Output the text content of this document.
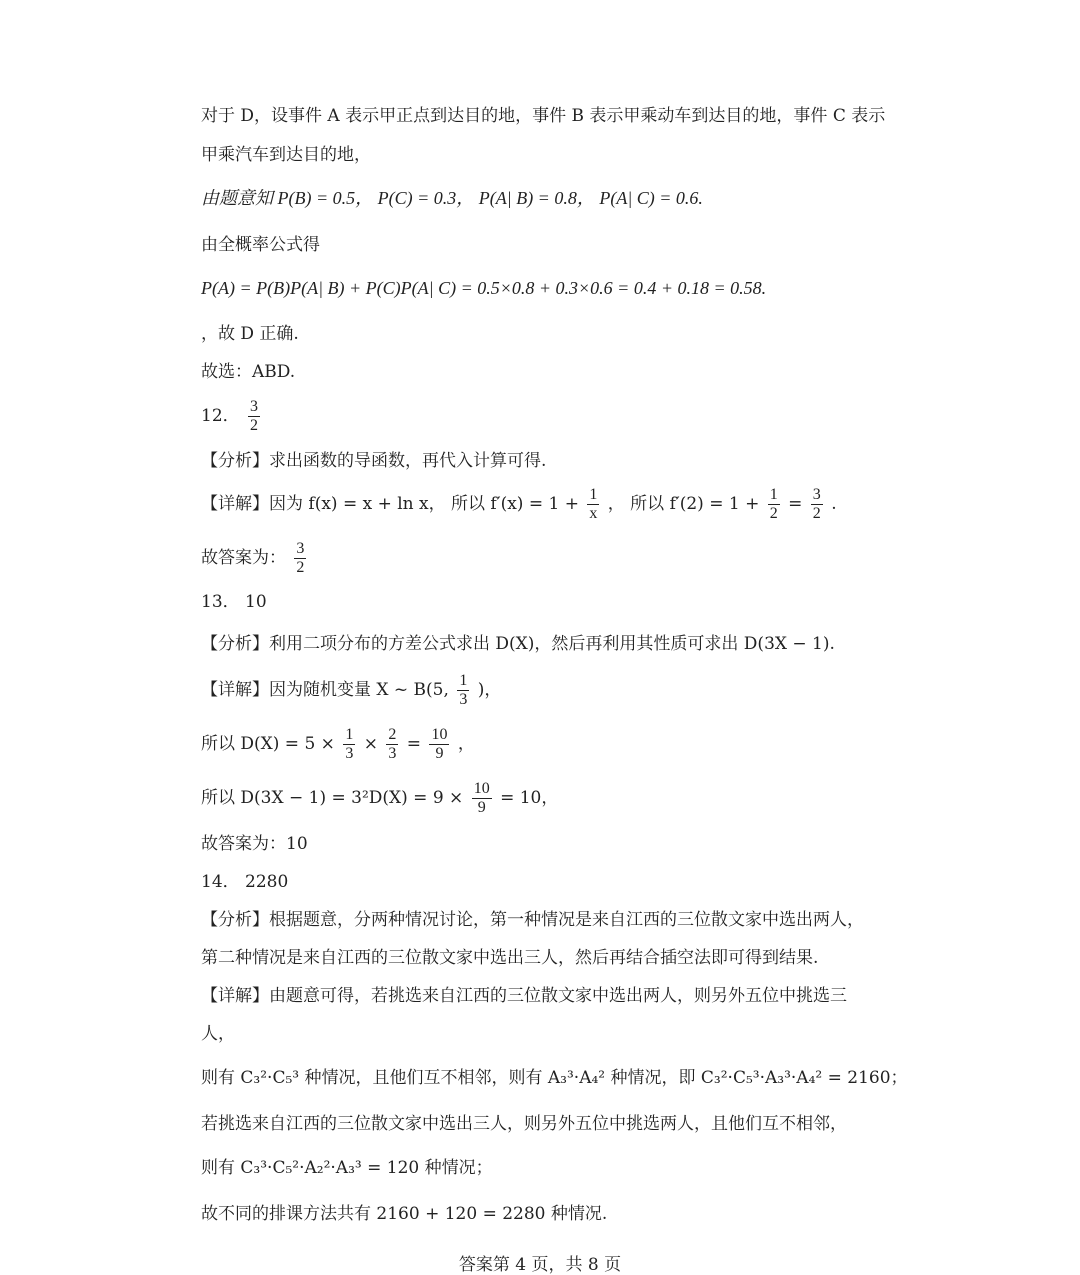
对于 D，设事件 A 表示甲正点到达目的地，事件 B 表示甲乘动车到达目的地，事件 C 表示
甲乘汽车到达目的地，
由题意知 P(B) = 0.5， P(C) = 0.3， P(A| B) = 0.8， P(A| C) = 0.6.
由全概率公式得
P(A) = P(B)P(A| B) + P(C)P(A| C) = 0.5×0.8 + 0.3×0.6 = 0.4 + 0.18 = 0.58.
，故 D 正确.
故选：ABD.
12． $\frac{3}{2}$
【分析】求出函数的导函数，再代入计算可得.
【详解】因为 f(x) = x + ln x， 所以 $f'(x) = 1 + \frac{1}{x}$ ， 所以 $f'(2) = 1 + \frac{1}{2} = \frac{3}{2}$ .
故答案为： $\frac{3}{2}$
13． 10
【分析】利用二项分布的方差公式求出 D(X)，然后再利用其性质可求出 D(3X − 1).
【详解】因为随机变量 X ~ B(5, $\frac{1}{3}$ )，
所以 $D(X) = 5 \times \frac{1}{3} \times \frac{2}{3} = \frac{10}{9}$ ，
所以 $D(3X - 1) = 3^2D(X) = 9 \times \frac{10}{9} = 10$，
故答案为：10
14． 2280
【分析】根据题意，分两种情况讨论，第一种情况是来自江西的三位散文家中选出两人，
第二种情况是来自江西的三位散文家中选出三人，然后再结合插空法即可得到结果.
【详解】由题意可得，若挑选来自江西的三位散文家中选出两人，则另外五位中挑选三
人，
则有 C₃²·C₅³ 种情况，且他们互不相邻，则有 A₃³·A₄² 种情况，即 C₃²·C₅³·A₃³·A₄² = 2160；
若挑选来自江西的三位散文家中选出三人，则另外五位中挑选两人，且他们互不相邻，
则有 C₃³·C₅²·A₂²·A₃³ = 120 种情况；
故不同的排课方法共有 2160 + 120 = 2280 种情况.
答案第 4 页，共 8 页
